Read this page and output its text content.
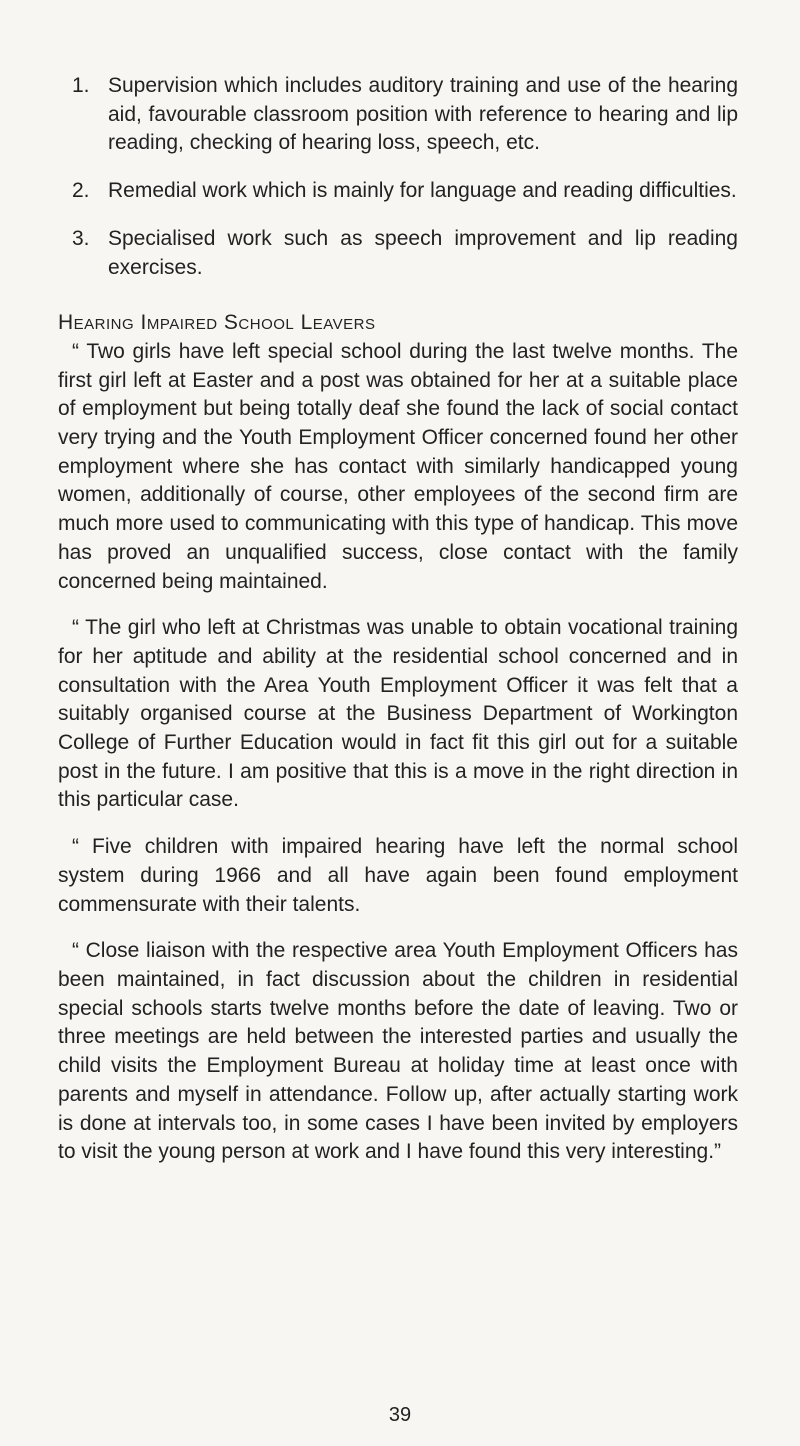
1. Supervision which includes auditory training and use of the hearing aid, favourable classroom position with reference to hearing and lip reading, checking of hearing loss, speech, etc.
2. Remedial work which is mainly for language and reading difficulties.
3. Specialised work such as speech improvement and lip reading exercises.
Hearing Impaired School Leavers

“ Two girls have left special school during the last twelve months. The first girl left at Easter and a post was obtained for her at a suitable place of employment but being totally deaf she found the lack of social contact very trying and the Youth Employment Officer concerned found her other employment where she has contact with similarly handicapped young women, additionally of course, other employees of the second firm are much more used to communicating with this type of handicap. This move has proved an unqualified success, close contact with the family concerned being maintained.

“ The girl who left at Christmas was unable to obtain vocational training for her aptitude and ability at the residential school concerned and in consultation with the Area Youth Employment Officer it was felt that a suitably organised course at the Business Department of Workington College of Further Education would in fact fit this girl out for a suitable post in the future. I am positive that this is a move in the right direction in this particular case.

“ Five children with impaired hearing have left the normal school system during 1966 and all have again been found employment commensurate with their talents.

“ Close liaison with the respective area Youth Employment Officers has been maintained, in fact discussion about the children in residential special schools starts twelve months before the date of leaving. Two or three meetings are held between the interested parties and usually the child visits the Employment Bureau at holiday time at least once with parents and myself in attendance. Follow up, after actually starting work is done at intervals too, in some cases I have been invited by employers to visit the young person at work and I have found this very interesting.”

39
